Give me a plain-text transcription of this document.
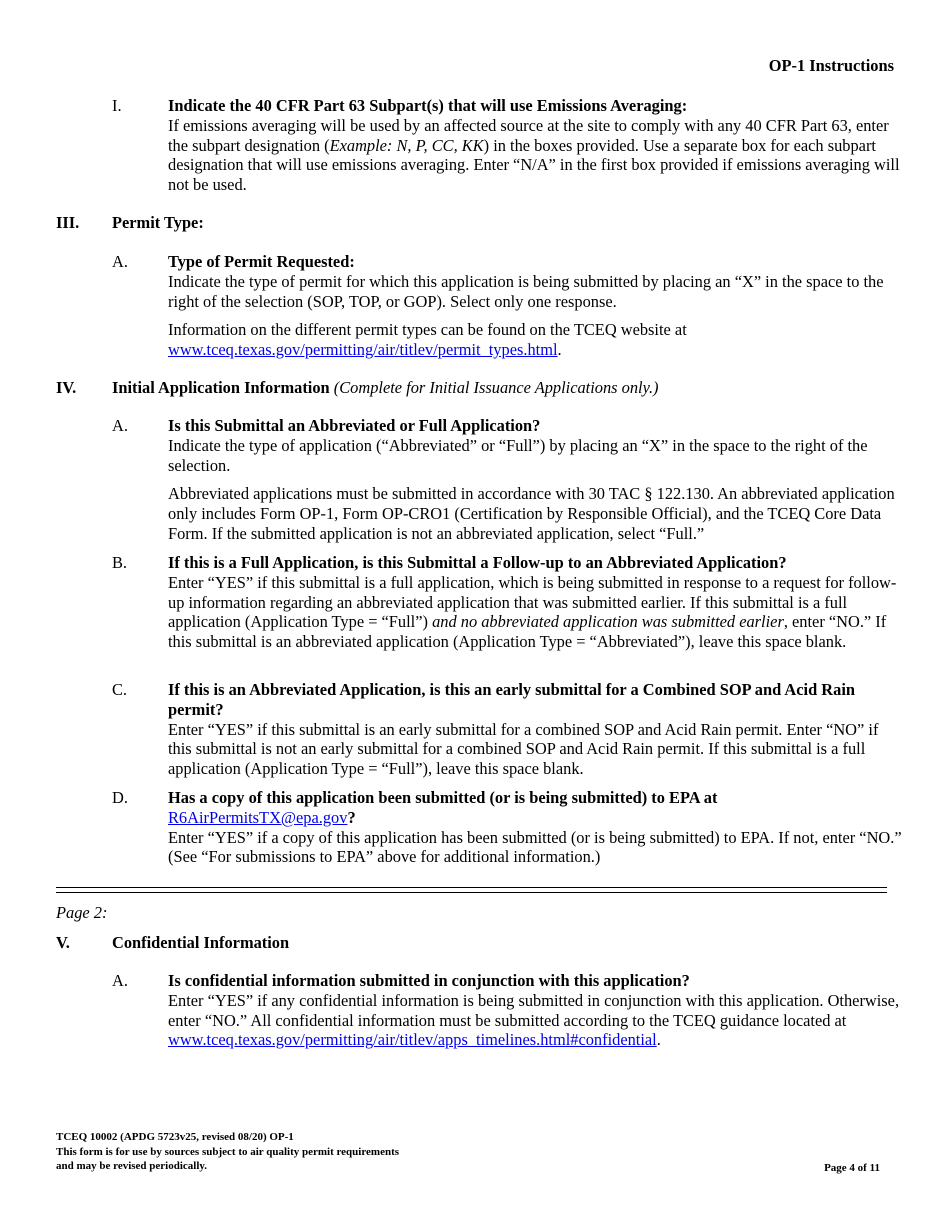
OP-1 Instructions
I.	Indicate the 40 CFR Part 63 Subpart(s) that will use Emissions Averaging:

If emissions averaging will be used by an affected source at the site to comply with any 40 CFR Part 63, enter the subpart designation (Example: N, P, CC, KK) in the boxes provided. Use a separate box for each subpart designation that will use emissions averaging. Enter “N/A” in the first box provided if emissions averaging will not be used.

III. Permit Type:

A. Type of Permit Requested:

Indicate the type of permit for which this application is being submitted by placing an “X” in the space to the right of the selection (SOP, TOP, or GOP). Select only one response.

Information on the different permit types can be found on the TCEQ website at

www.tceq.texas.gov/permitting/air/titlev/permit_types.html.

IV. Initial Application Information (Complete for Initial Issuance Applications only.)

A. Is this Submittal an Abbreviated or Full Application?

Indicate the type of application (“Abbreviated” or “Full”) by placing an “X” in the space to the right of the selection.

Abbreviated applications must be submitted in accordance with 30 TAC § 122.130. An abbreviated application only includes Form OP-1, Form OP-CRO1 (Certification by Responsible Official), and the TCEQ Core Data Form. If the submitted application is not an abbreviated application, select “Full.”

B. If this is a Full Application, is this Submittal a Follow-up to an Abbreviated Application?

Enter “YES” if this submittal is a full application, which is being submitted in response to a request for follow-up information regarding an abbreviated application that was submitted earlier. If this submittal is a full application (Application Type = “Full”) and no abbreviated application was submitted earlier, enter “NO.” If this submittal is an abbreviated application (Application Type = “Abbreviated”), leave this space blank.

C. If this is an Abbreviated Application, is this an early submittal for a Combined SOP and Acid Rain permit?

Enter “YES” if this submittal is an early submittal for a combined SOP and Acid Rain permit. Enter “NO” if this submittal is not an early submittal for a combined SOP and Acid Rain permit. If this submittal is a full application (Application Type = “Full”), leave this space blank.

D. Has a copy of this application been submitted (or is being submitted) to EPA at

R6AirPermitsTX@epa.gov?

Enter “YES” if a copy of this application has been submitted (or is being submitted) to EPA. If not, enter “NO.” (See “For submissions to EPA” above for additional information.)

Page 2:
V.	Confidential Information

A. Is confidential information submitted in conjunction with this application?

Enter “YES” if any confidential information is being submitted in conjunction with this application. Otherwise, enter “NO.” All confidential information must be submitted according to the TCEQ guidance located at www.tceq.texas.gov/permitting/air/titlev/apps_timelines.html#confidential.

TCEQ 10002 (APDG 5723v25, revised 08/20) OP-1
This form is for use by sources subject to air quality permit requirements
and may be revised periodically.	Page 4 of 11
